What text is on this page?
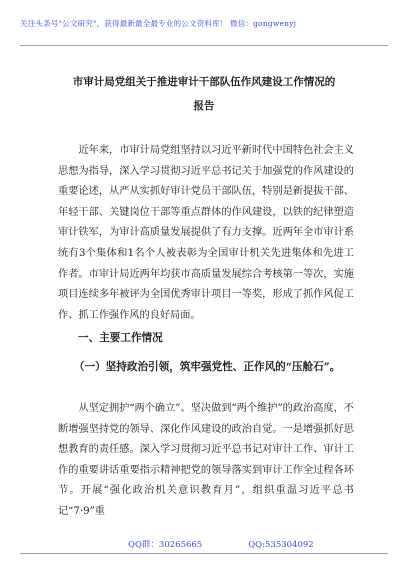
关注头条号"公文研究"，获得最新最全最专业的公文资料库！ 微信：gongwenyj
市审计局党组关于推进审计干部队伍作风建设工作情况的
报告
　　近年来，市审计局党组坚持以习近平新时代中国特色社会主义思想为指导，深入学习贯彻习近平总书记关于加强党的作风建设的重要论述，从严从实抓好审计党员干部队伍，特别是新提拔干部、年轻干部、关键岗位干部等重点群体的作风建设，以铁的纪律塑造审计铁军，为审计高质量发展提供了有力支撑。近两年全市审计系统有3个集体和1名个人被表彰为全国审计机关先进集体和先进工作者。市审计局近两年均获市高质量发展综合考核第一等次，实施项目连续多年被评为全国优秀审计项目一等奖，形成了抓作风促工作、抓工作强作风的良好局面。
一、主要工作情况
　　（一）坚持政治引领，筑牢强党性、正作风的“压舱石”。
　　从坚定拥护“两个确立”、坚决做到“两个维护”的政治高度，不断增强坚持党的领导、深化作风建设的政治自觉。一是增强抓好思想教育的责任感。深入学习贯彻习近平总书记对审计工作、审计工作的重要讲话重要指示精神把党的领导落实到审计工作全过程各环节。开展“强化政治机关意识教育月”，组织重温习近平总书记“7·9”重
QQ群：30265665	QQ:535304092
